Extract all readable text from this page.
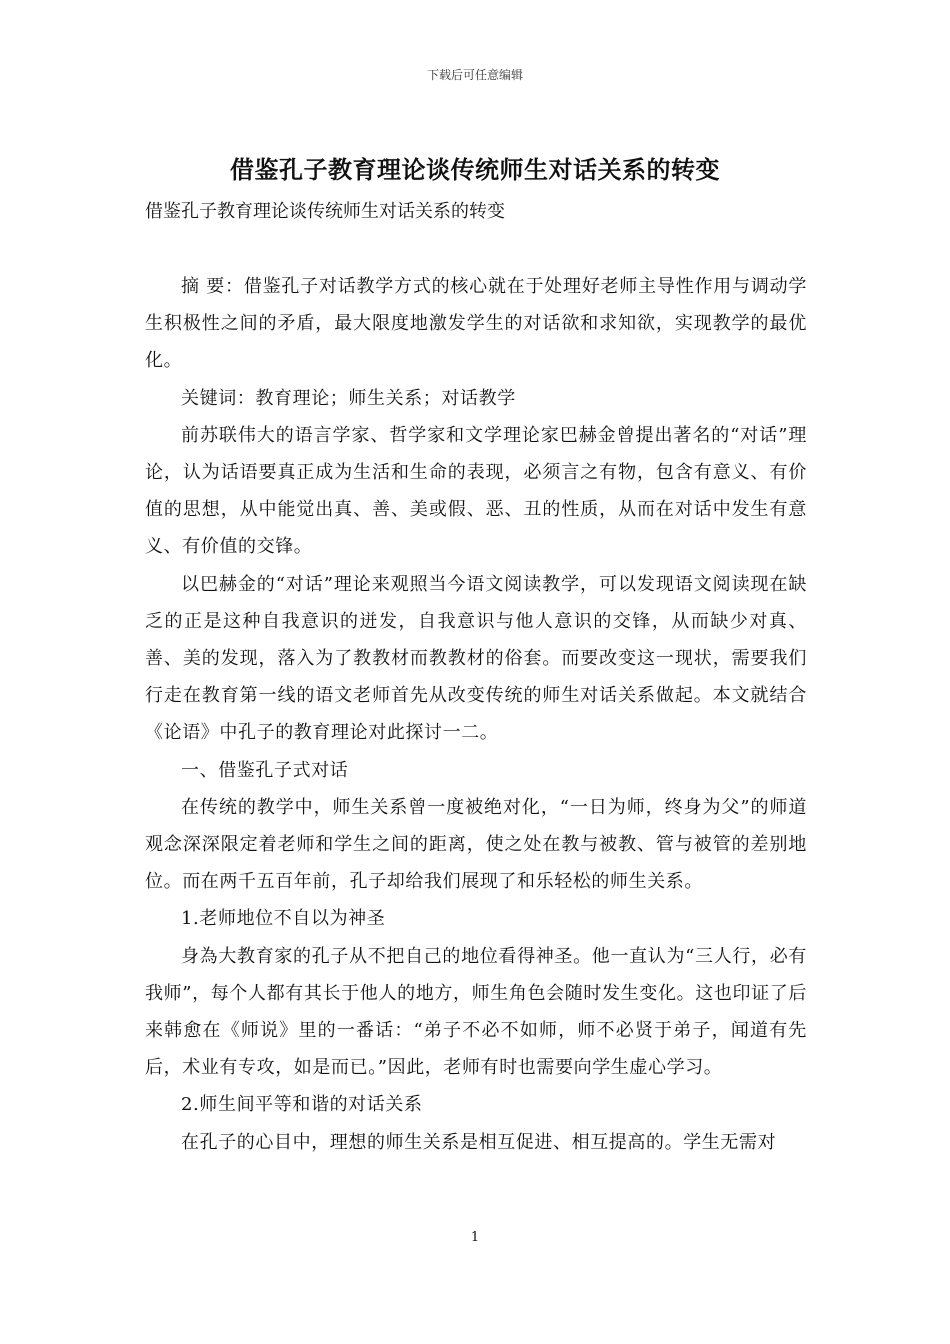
下载后可任意编辑
借鉴孔子教育理论谈传统师生对话关系的转变
借鉴孔子教育理论谈传统师生对话关系的转变

摘 要：借鉴孔子对话教学方式的核心就在于处理好老师主导性作用与调动学生积极性之间的矛盾，最大限度地激发学生的对话欲和求知欲，实现教学的最优化。

关键词：教育理论；师生关系；对话教学

前苏联伟大的语言学家、哲学家和文学理论家巴赫金曾提出著名的“对话”理论，认为话语要真正成为生活和生命的表现，必须言之有物，包含有意义、有价值的思想，从中能觉出真、善、美或假、恶、丑的性质，从而在对话中发生有意义、有价值的交锋。

以巴赫金的“对话”理论来观照当今语文阅读教学，可以发现语文阅读现在缺乏的正是这种自我意识的迸发，自我意识与他人意识的交锋，从而缺少对真、善、美的发现，落入为了教教材而教教材的俗套。而要改变这一现状，需要我们行走在教育第一线的语文老师首先从改变传统的师生对话关系做起。本文就结合《论语》中孔子的教育理论对此探讨一二。

一、借鉴孔子式对话

在传统的教学中，师生关系曾一度被绝对化，“一日为师，终身为父”的师道观念深深限定着老师和学生之间的距离，使之处在教与被教、管与被管的差别地位。而在两千五百年前，孔子却给我们展现了和乐轻松的师生关系。

1.老师地位不自以为神圣

身為大教育家的孔子从不把自己的地位看得神圣。他一直认为“三人行，必有我师”，每个人都有其长于他人的地方，师生角色会随时发生变化。这也印证了后来韩愈在《师说》里的一番话：“弟子不必不如师，师不必贤于弟子，闻道有先后，术业有专攻，如是而已。”因此，老师有时也需要向学生虚心学习。

2.师生间平等和谐的对话关系

在孔子的心目中，理想的师生关系是相互促进、相互提高的。学生无需对

1
